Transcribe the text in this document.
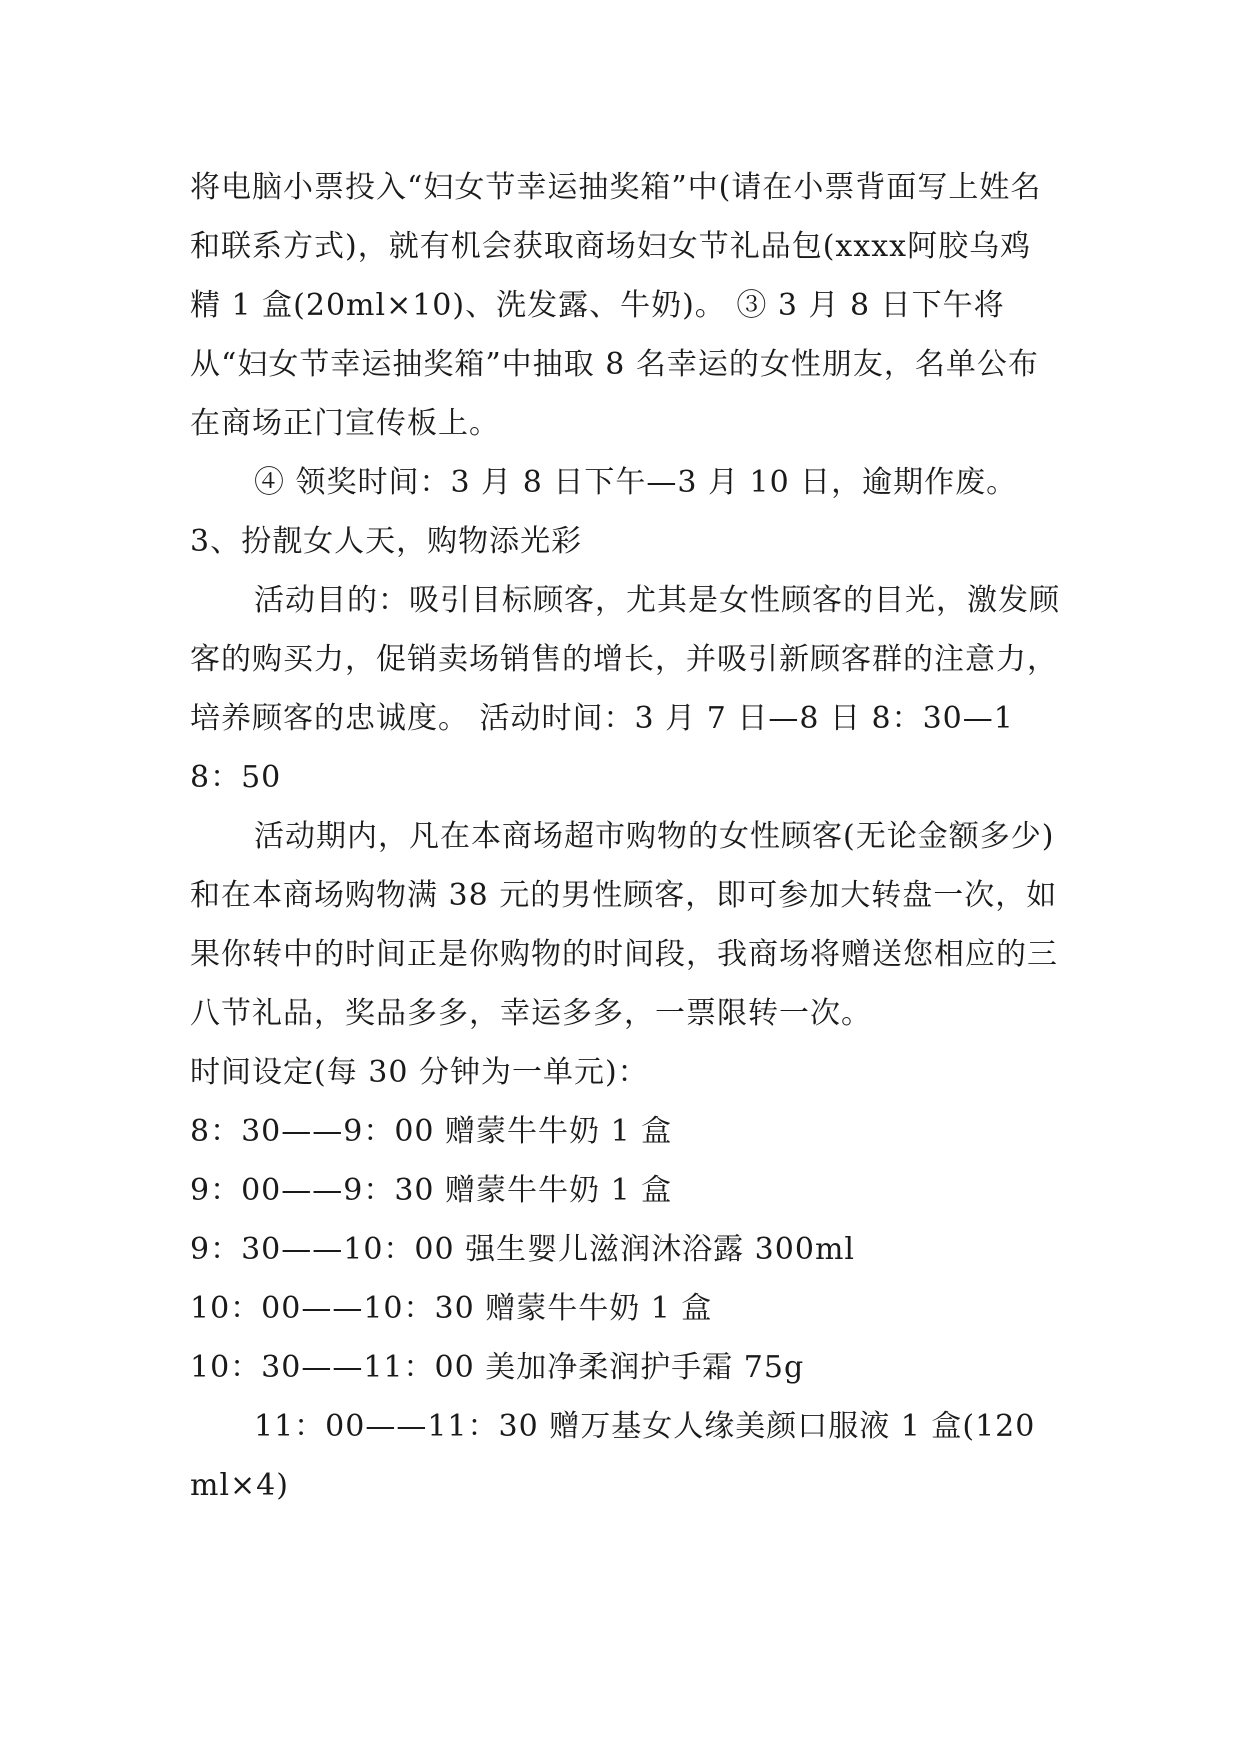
将电脑小票投入“妇女节幸运抽奖箱”中(请在小票背面写上姓名和联系方式)，就有机会获取商场妇女节礼品包(xxxx阿胶乌鸡精 1 盒(20ml×10)、洗发露、牛奶)。 ③ 3 月 8 日下午将从“妇女节幸运抽奖箱”中抽取 8 名幸运的女性朋友，名单公布在商场正门宣传板上。

④ 领奖时间：3 月 8 日下午—3 月 10 日，逾期作废。

3、扮靓女人天，购物添光彩

活动目的：吸引目标顾客，尤其是女性顾客的目光，激发顾客的购买力，促销卖场销售的增长，并吸引新顾客群的注意力，培养顾客的忠诚度。 活动时间：3 月 7 日—8 日 8：30—18：50

活动期内，凡在本商场超市购物的女性顾客(无论金额多少)和在本商场购物满 38 元的男性顾客，即可参加大转盘一次，如果你转中的时间正是你购物的时间段，我商场将赠送您相应的三八节礼品，奖品多多，幸运多多，一票限转一次。

时间设定(每 30 分钟为一单元)：

8：30——9：00 赠蒙牛牛奶 1 盒

9：00——9：30 赠蒙牛牛奶 1 盒

9：30——10：00 强生婴儿滋润沐浴露 300ml

10：00——10：30 赠蒙牛牛奶 1 盒

10：30——11：00 美加净柔润护手霜 75g

11：00——11：30 赠万基女人缘美颜口服液 1 盒(120ml×4)
